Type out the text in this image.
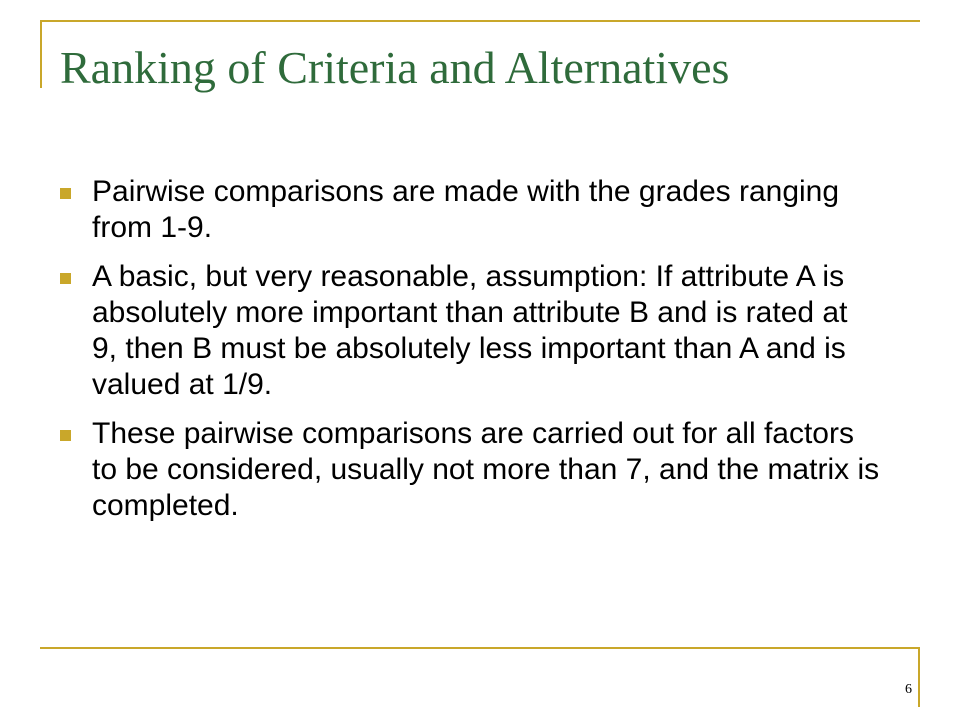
Ranking of Criteria and Alternatives
Pairwise comparisons are made with the grades ranging from 1-9.
A basic, but very reasonable, assumption: If attribute A is absolutely more important than attribute B and is rated at 9, then B must be absolutely less important than A and is valued at 1/9.
These pairwise comparisons are carried out for all factors to be considered, usually not more than 7, and the matrix is completed.
6
